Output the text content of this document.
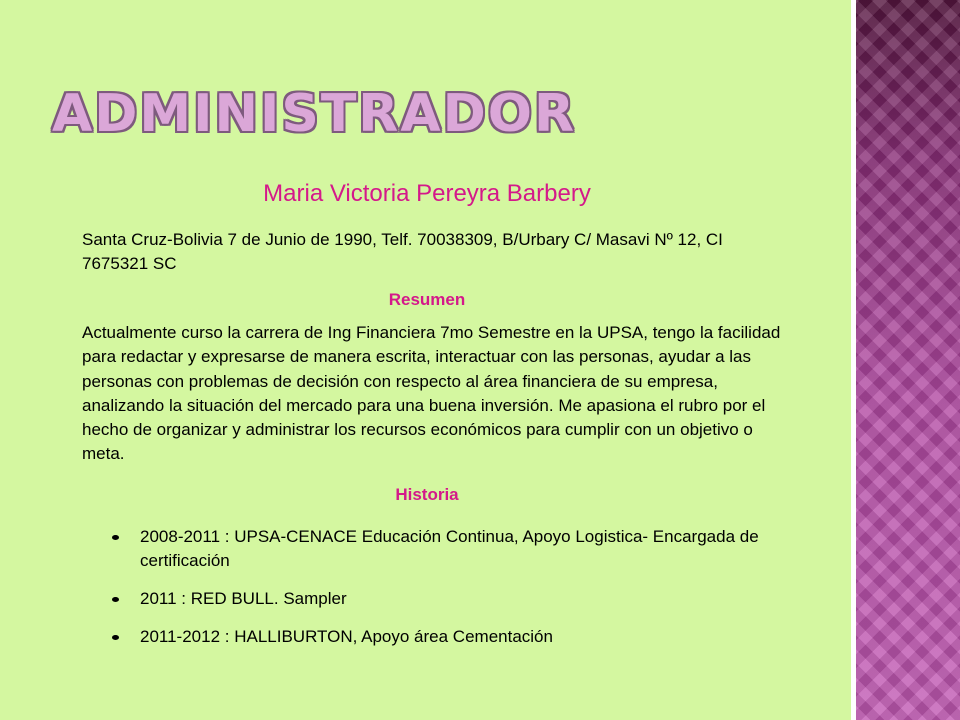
ADMINISTRADOR

Maria Victoria Pereyra Barbery

Santa Cruz-Bolivia 7 de Junio de 1990, Telf. 70038309, B/Urbary C/ Masavi Nº 12, CI 7675321 SC

Resumen

Actualmente curso la carrera de Ing Financiera 7mo Semestre en la UPSA, tengo la facilidad para redactar y expresarse de manera escrita, interactuar con las personas, ayudar a las personas con problemas de decisión con respecto al área financiera de su empresa, analizando la situación del mercado para una buena inversión. Me apasiona el rubro por el hecho de organizar y administrar los recursos económicos para cumplir con un objetivo o meta.

Historia

2008-2011 : UPSA-CENACE Educación Continua, Apoyo Logistica- Encargada de certificación
2011 : RED BULL. Sampler
2011-2012 : HALLIBURTON, Apoyo área Cementación
